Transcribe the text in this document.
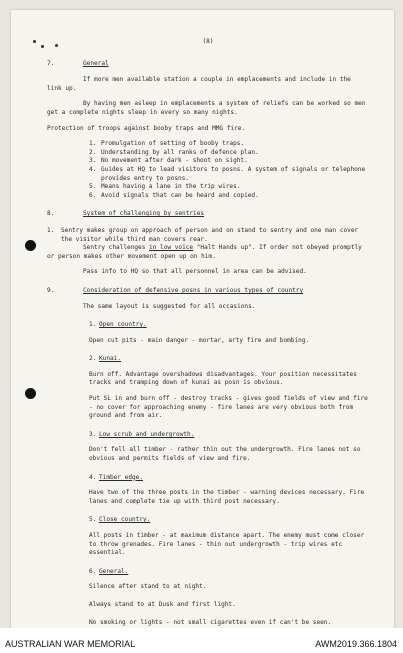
(8)
7.	General
If more men available station a couple in emplacements and include in the link up.
By having men asleep in emplacements a system of reliefs can be worked so men get a complete nights sleep in every so many nights.
Protection of troops against booby traps and MMG fire.
1. Promulgation of setting of booby traps.
2. Understanding by all ranks of defence plan.
3. No movement after dark - shoot on sight.
4. Guides at HQ to lead visitors to posns. A system of signals or telephone provides entry to posns.
5. Means having a lane in the trip wires.
6. Avoid signals that can be heard and copied.
8.	System of challenging by sentries
1.	Sentry makes group on approach of person and on stand to sentry and one man cover the visitor while third man covers rear.
Sentry challenges in low voice "Halt Hands up". If order not obeyed promptly or person makes other movement open up on him.
Pass info to HQ so that all personnel in area can be advised.
9.	Consideration of defensive posns in various types of country
The same layout is suggested for all occasions.
1. Open country.
Open cut pits - main danger - mortar, arty fire and bombing.
2. Kunai.
Burn off. Advantage overshadows disadvantages. Your position necessitates tracks and tramping down of kunai as posn is obvious.
Put SL in and burn off - destroy tracks - gives good fields of view and fire - no cover for approaching enemy - fire lanes are very obvious both from ground and from air.
3. Low scrub and undergrowth.
Don't fell all timber - rather thin out the undergrowth. Fire lanes not so obvious and permits fields of view and fire.
4. Timber edge.
Have two of the three posts in the timber - warning devices necessary. Fire lanes and complete tie up with third post necessary.
5. Close country.
All posts in timber - at maximum distance apart. The enemy must come closer to throw grenades. Fire lanes - thin out undergrowth - trip wires etc essential.
6. General.
Silence after stand to at night.
Always stand to at Dusk and first light.
No smoking or lights - not small cigarettes even if can't be seen.
AUSTRALIAN WAR MEMORIAL	AWM2019.366.1804
